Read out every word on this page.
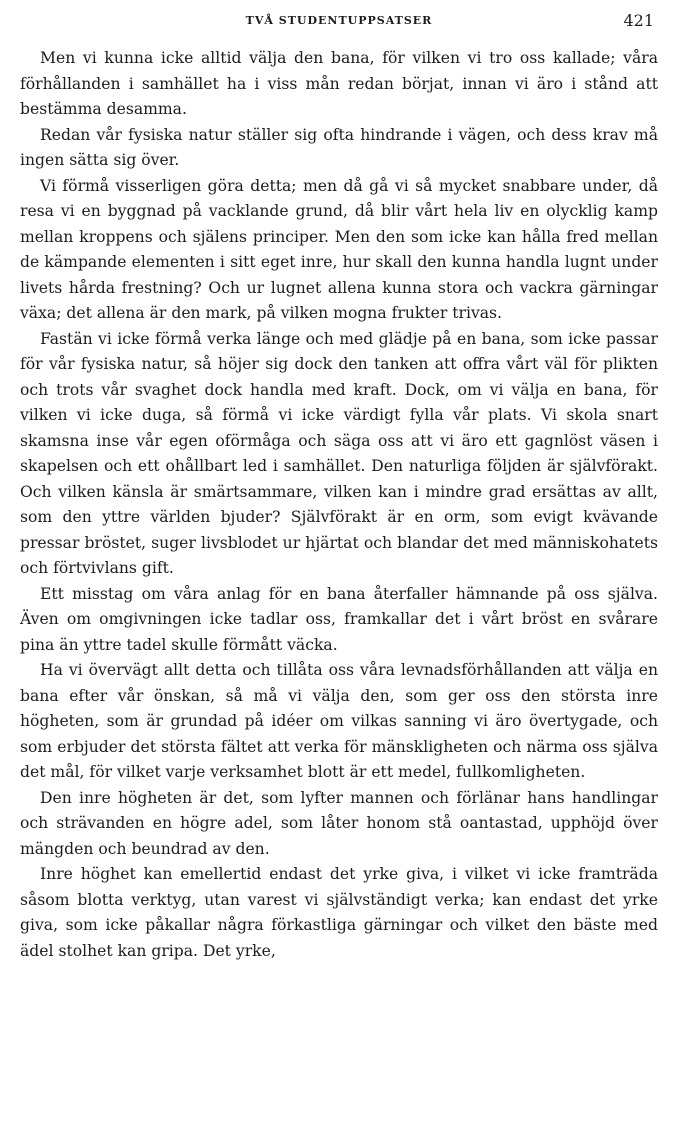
TVÅ STUDENTUPPSATSER	421

Men vi kunna icke alltid välja den bana, för vilken vi tro oss kallade; våra förhållanden i samhället ha i viss mån redan börjat, innan vi äro i stånd att bestämma desamma.

Redan vår fysiska natur ställer sig ofta hindrande i vägen, och dess krav må ingen sätta sig över.

Vi förmå visserligen göra detta; men då gå vi så mycket snabbare under, då resa vi en byggnad på vacklande grund, då blir vårt hela liv en olycklig kamp mellan kroppens och själens principer. Men den som icke kan hålla fred mellan de kämpande elementen i sitt eget inre, hur skall den kunna handla lugnt under livets hårda frestning? Och ur lugnet allena kunna stora och vackra gärningar växa; det allena är den mark, på vilken mogna frukter trivas.

Fastän vi icke förmå verka länge och med glädje på en bana, som icke passar för vår fysiska natur, så höjer sig dock den tanken att offra vårt väl för plikten och trots vår svaghet dock handla med kraft. Dock, om vi välja en bana, för vilken vi icke duga, så förmå vi icke värdigt fylla vår plats. Vi skola snart skamsna inse vår egen oförmåga och säga oss att vi äro ett gagnlöst väsen i skapelsen och ett ohållbart led i samhället. Den naturliga följden är självförakt. Och vilken känsla är smärtsammare, vilken kan i mindre grad ersättas av allt, som den yttre världen bjuder? Självförakt är en orm, som evigt kvävande pressar bröstet, suger livsblodet ur hjärtat och blandar det med människohatets och förtvivlans gift.

Ett misstag om våra anlag för en bana återfaller hämnande på oss själva. Även om omgivningen icke tadlar oss, framkallar det i vårt bröst en svårare pina än yttre tadel skulle förmått väcka.

Ha vi övervägt allt detta och tillåta oss våra levnadsförhållanden att välja en bana efter vår önskan, så må vi välja den, som ger oss den största inre högheten, som är grundad på idéer om vilkas sanning vi äro övertygade, och som erbjuder det största fältet att verka för mänskligheten och närma oss själva det mål, för vilket varje verksamhet blott är ett medel, fullkomligheten.

Den inre högheten är det, som lyfter mannen och förlänar hans handlingar och strävanden en högre adel, som låter honom stå oantastad, upphöjd över mängden och beundrad av den.

Inre höghet kan emellertid endast det yrke giva, i vilket vi icke framträda såsom blotta verktyg, utan varest vi självständigt verka; kan endast det yrke giva, som icke påkallar några förkastliga gärningar och vilket den bäste med ädel stolhet kan gripa. Det yrke,
